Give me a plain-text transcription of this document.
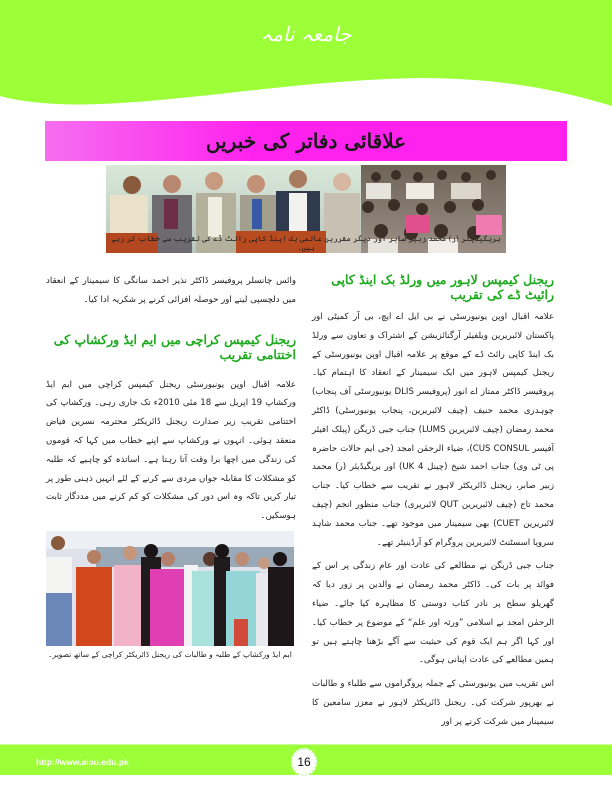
جامعہ نامہ
علاقائی دفاتر کی خبریں
بریگیڈیئر (ر) محمد زبیر صابر اور دیگر مقررین عالمی بک اینڈ کاپی رائٹ ڈے کی تقریب سے خطاب کر رہے ہیں۔
ریجنل کیمپس لاہور میں ورلڈ بک اینڈ کاپی رائیٹ ڈے کی تقریب

علامہ اقبال اوپن یونیورسٹی نے بی ایل اے ایچ، بی آر کمیٹی اور پاکستان لائبریرین ویلفیئر آرگنائزیشن کے اشتراک و تعاون سے ورلڈ بک اینڈ کاپی رائٹ ڈے کے موقع پر علامہ اقبال اوپن یونیورسٹی کے ریجنل کیمپس لاہور میں ایک سیمینار کے انعقاد کا اہتمام کیا۔ پروفیسر ڈاکٹر ممتاز اے انور (پروفیسر DLIS یونیورسٹی آف پنجاب) چوہدری محمد حنیف (چیف لائبریرین، پنجاب یونیورسٹی) ڈاکٹر محمد رمضان (چیف لائبریرین LUMS) جناب جبی ڈریگن (پبلک افیئر آفیسر CUS CONSUL)، ضیاء الرحمٰن امجد (جی ایم حالات حاضرہ پی ٹی وی) جناب احمد شیخ (چینل UK 4) اور بریگیڈیئر (ر) محمد زبیر صابر، ریجنل ڈائریکٹر لاہور نے تقریب سے خطاب کیا۔ جناب محمد تاج (چیف لائبریرین QUT لائبریری) جناب منظور انجم (چیف لائبریرین CUET) بھی سیمینار میں موجود تھے۔ جناب محمد شاہد سرویا اسسٹنٹ لائبریرین پروگرام کو آرڈینیٹر تھے۔

جناب جبی ڈریگن نے مطالعے کی عادت اور عام زندگی پر اس کے فوائد پر بات کی۔ ڈاکٹر محمد رمضان نے والدین پر زور دیا کہ گھریلو سطح پر نادر کتاب دوستی کا مظاہرہ کیا جائے۔ ضیاء الرحمٰن امجد نے اسلامی ”ورثہ اور علم“ کے موضوع پر خطاب کیا۔ اور کہا اگر ہم ایک قوم کی حیثیت سے آگے بڑھنا چاہتے ہیں تو ہمیں مطالعے کی عادت اپنانی ہوگی۔

اس تقریب میں یونیورسٹی کے جملہ پروگراموں سے طلباء و طالبات نے بھرپور شرکت کی۔ ریجنل ڈائریکٹر لاہور نے معزز سامعین کا سیمینار میں شرکت کرنے پر اور

وائس چانسلر پروفیسر ڈاکٹر نذیر احمد سانگی کا سیمینار کے انعقاد میں دلچسپی لینے اور حوصلہ افزائی کرنے پر شکریہ ادا کیا۔

ریجنل کیمپس کراچی میں ایم ایڈ ورکشاپ کی اختتامی تقریب

علامہ اقبال اوپن یونیورسٹی ریجنل کیمپس کراچی میں ایم ایڈ ورکشاپ 19 اپریل سے 18 مئی 2010ء تک جاری رہی۔ ورکشاپ کی اختتامی تقریب زیر صدارت ریجنل ڈائریکٹر محترمہ نسرین فیاض منعقد ہوئی۔ انہوں نے ورکشاپ سے اپنے خطاب میں کہا کہ قوموں کی زندگی میں اچھا برا وقت آتا رہتا ہے۔ اساتذہ کو چاہیے کہ طلبہ کو مشکلات کا مقابلہ جواں مردی سے کرنے کے لئے انہیں ذہنی طور پر تیار کریں تاکہ وہ اس دور کی مشکلات کو کم کرنے میں مددگار ثابت ہوسکیں۔

ایم ایڈ ورکشاپ کے طلبہ و طالبات کی ریجنل ڈائریکٹر کراچی کے ساتھ تصویر۔
http://www.aiou.edu.pk	16
